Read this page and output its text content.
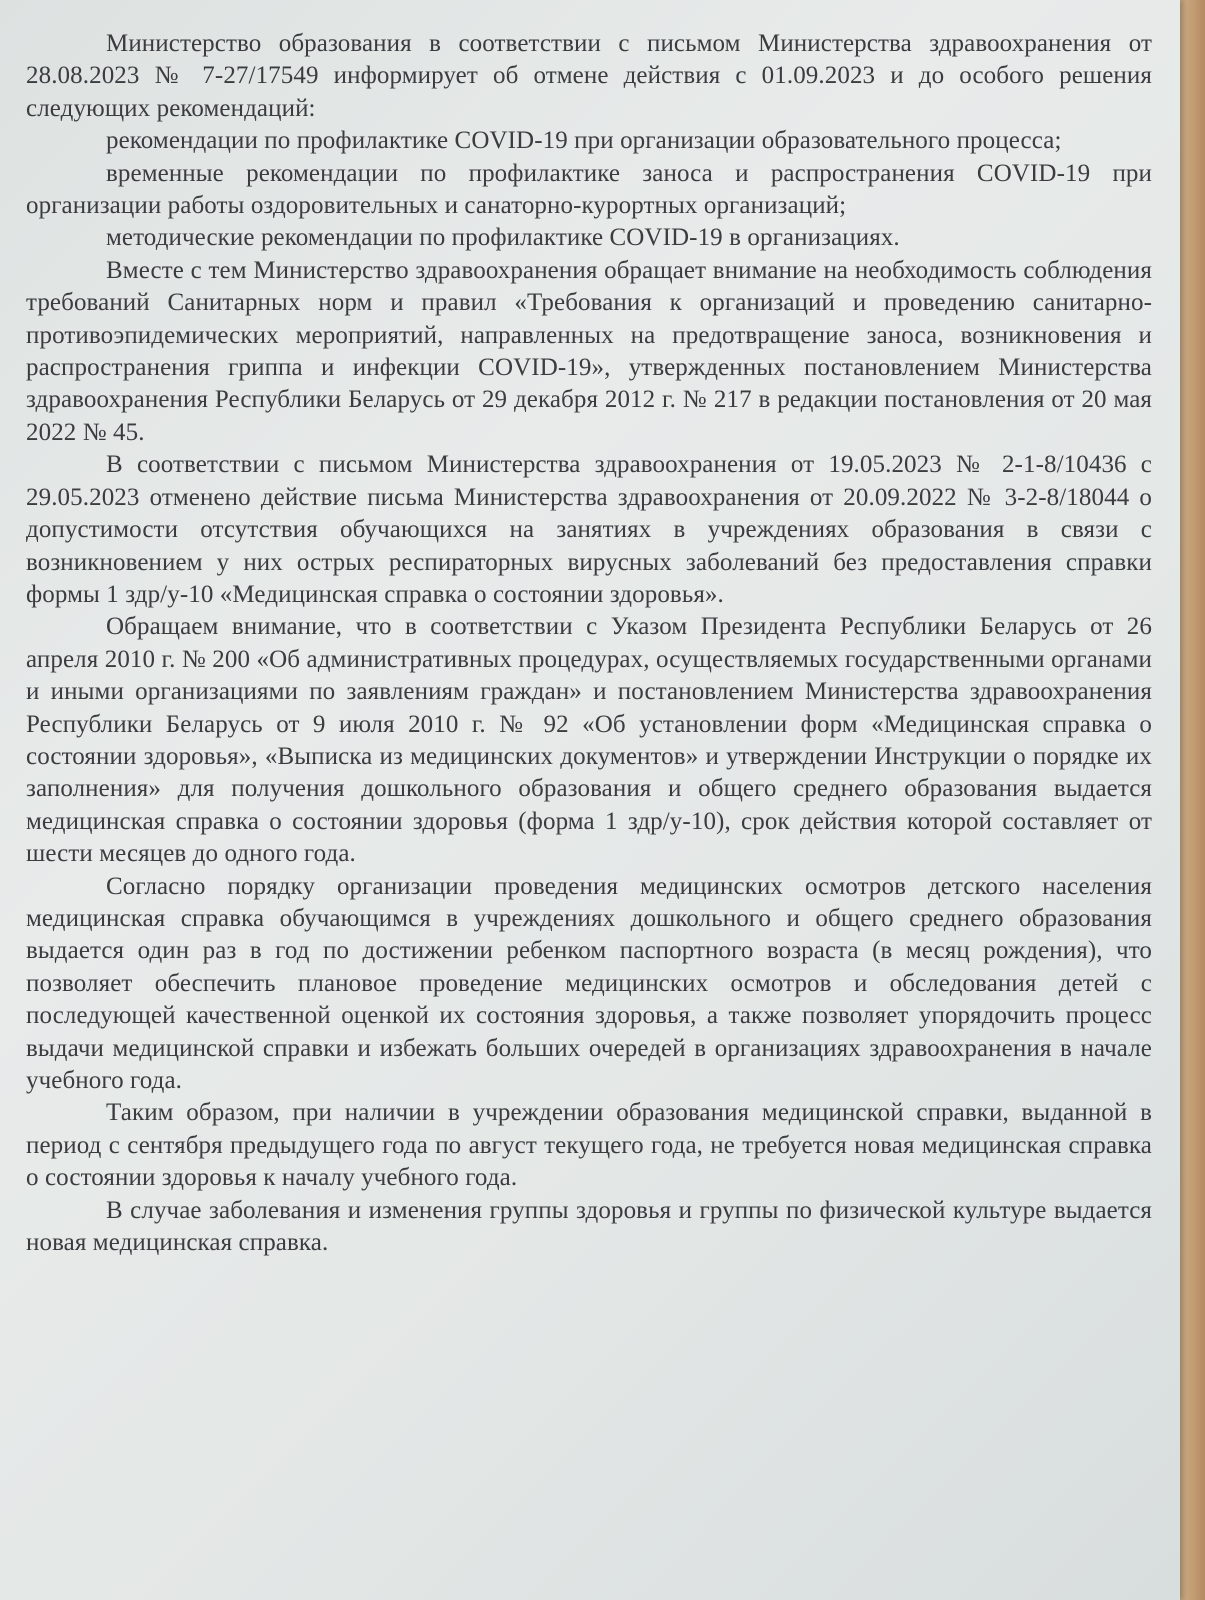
Министерство образования в соответствии с письмом Министерства здравоохранения от 28.08.2023 № 7-27/17549 информирует об отмене действия с 01.09.2023 и до особого решения следующих рекомендаций:

рекомендации по профилактике COVID-19 при организации образовательного процесса;

временные рекомендации по профилактике заноса и распространения COVID-19 при организации работы оздоровительных и санаторно-курортных организаций;

методические рекомендации по профилактике COVID-19 в организациях.

Вместе с тем Министерство здравоохранения обращает внимание на необходимость соблюдения требований Санитарных норм и правил «Требования к организаций и проведению санитарно-противоэпидемических мероприятий, направленных на предотвращение заноса, возникновения и распространения гриппа и инфекции COVID-19», утвержденных постановлением Министерства здравоохранения Республики Беларусь от 29 декабря 2012 г. № 217 в редакции постановления от 20 мая 2022 № 45.

В соответствии с письмом Министерства здравоохранения от 19.05.2023 № 2-1-8/10436 с 29.05.2023 отменено действие письма Министерства здравоохранения от 20.09.2022 № 3-2-8/18044 о допустимости отсутствия обучающихся на занятиях в учреждениях образования в связи с возникновением у них острых респираторных вирусных заболеваний без предоставления справки формы 1 здр/у-10 «Медицинская справка о состоянии здоровья».

Обращаем внимание, что в соответствии с Указом Президента Республики Беларусь от 26 апреля 2010 г. № 200 «Об административных процедурах, осуществляемых государственными органами и иными организациями по заявлениям граждан» и постановлением Министерства здравоохранения Республики Беларусь от 9 июля 2010 г. № 92 «Об установлении форм «Медицинская справка о состоянии здоровья», «Выписка из медицинских документов» и утверждении Инструкции о порядке их заполнения» для получения дошкольного образования и общего среднего образования выдается медицинская справка о состоянии здоровья (форма 1 здр/у-10), срок действия которой составляет от шести месяцев до одного года.

Согласно порядку организации проведения медицинских осмотров детского населения медицинская справка обучающимся в учреждениях дошкольного и общего среднего образования выдается один раз в год по достижении ребенком паспортного возраста (в месяц рождения), что позволяет обеспечить плановое проведение медицинских осмотров и обследования детей с последующей качественной оценкой их состояния здоровья, а также позволяет упорядочить процесс выдачи медицинской справки и избежать больших очередей в организациях здравоохранения в начале учебного года.

Таким образом, при наличии в учреждении образования медицинской справки, выданной в период с сентября предыдущего года по август текущего года, не требуется новая медицинская справка о состоянии здоровья к началу учебного года.

В случае заболевания и изменения группы здоровья и группы по физической культуре выдается новая медицинская справка.
